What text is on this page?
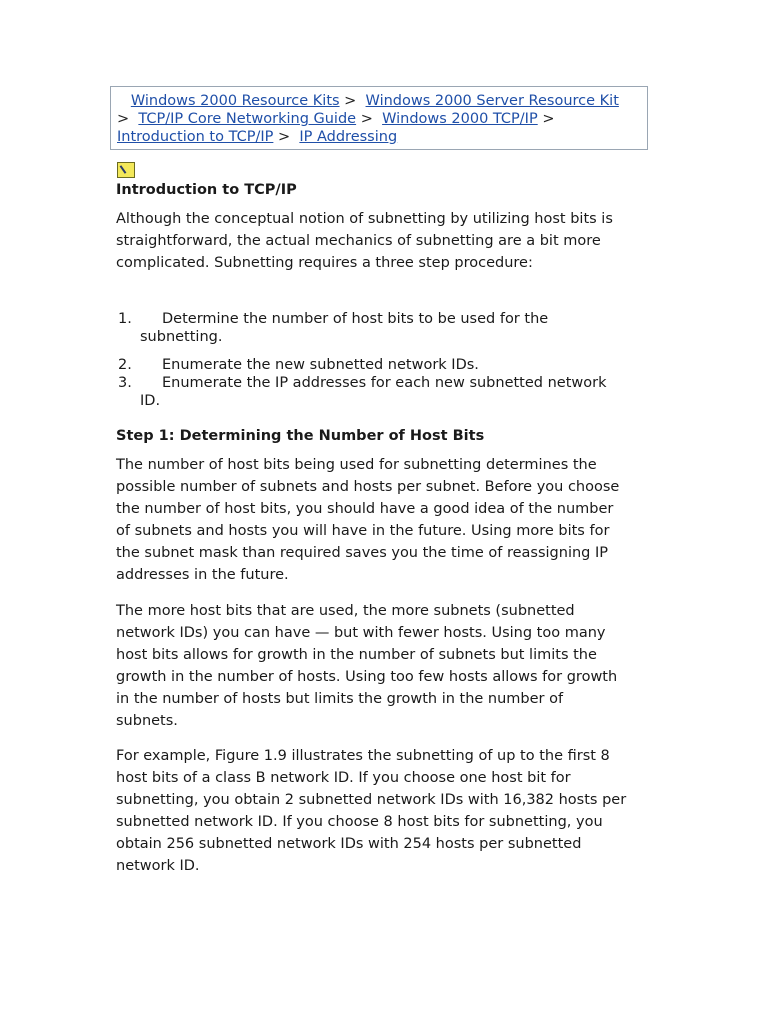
Windows 2000 Resource Kits > Windows 2000 Server Resource Kit > TCP/IP Core Networking Guide > Windows 2000 TCP/IP > Introduction to TCP/IP > IP Addressing
Introduction to TCP/IP

Although the conceptual notion of subnetting by utilizing host bits is straightforward, the actual mechanics of subnetting are a bit more complicated. Subnetting requires a three step procedure:

1. Determine the number of host bits to be used for the subnetting.
2. Enumerate the new subnetted network IDs.
3. Enumerate the IP addresses for each new subnetted network ID.
Step 1: Determining the Number of Host Bits

The number of host bits being used for subnetting determines the possible number of subnets and hosts per subnet. Before you choose the number of host bits, you should have a good idea of the number of subnets and hosts you will have in the future. Using more bits for the subnet mask than required saves you the time of reassigning IP addresses in the future.

The more host bits that are used, the more subnets (subnetted network IDs) you can have — but with fewer hosts. Using too many host bits allows for growth in the number of subnets but limits the growth in the number of hosts. Using too few hosts allows for growth in the number of hosts but limits the growth in the number of subnets.

For example, Figure 1.9 illustrates the subnetting of up to the first 8 host bits of a class B network ID. If you choose one host bit for subnetting, you obtain 2 subnetted network IDs with 16,382 hosts per subnetted network ID. If you choose 8 host bits for subnetting, you obtain 256 subnetted network IDs with 254 hosts per subnetted network ID.
